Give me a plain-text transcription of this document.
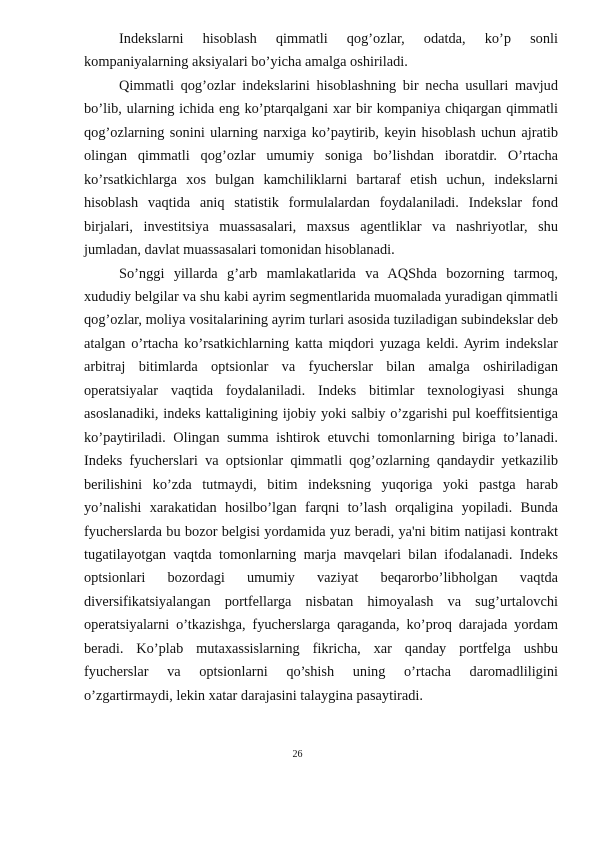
Indekslarni hisoblash qimmatli qog’ozlar, odatda, ko’p sonli kompaniyalarning aksiyalari bo’yicha amalga oshiriladi.

Qimmatli qog’ozlar indekslarini hisoblashning bir necha usullari mavjud bo’lib, ularning ichida eng ko’ptarqalgani xar bir kompaniya chiqargan qimmatli qog’ozlarning sonini ularning narxiga ko’paytirib, keyin hisoblash uchun ajratib olingan qimmatli qog’ozlar umumiy soniga bo’lishdan iboratdir. O’rtacha ko’rsatkichlarga xos bulgan kamchiliklarni bartaraf etish uchun, indekslarni hisoblash vaqtida aniq statistik formulalardan foydalaniladi. Indekslar fond birjalari, investitsiya muassasalari, maxsus agentliklar va nashriyotlar, shu jumladan, davlat muassasalari tomonidan hisoblanadi.

So’nggi yillarda g’arb mamlakatlarida va AQShda bozorning tarmoq, xududiy belgilar va shu kabi ayrim segmentlarida muomalada yuradigan qimmatli qog’ozlar, moliya vositalarining ayrim turlari asosida tuziladigan subindekslar deb atalgan o’rtacha ko’rsatkichlarning katta miqdori yuzaga keldi. Ayrim indekslar arbitraj bitimlarda optsionlar va fyucherslar bilan amalga oshiriladigan operatsiyalar vaqtida foydalaniladi. Indeks bitimlar texnologiyasi shunga asoslanadiki, indeks kattaligining ijobiy yoki salbiy o’zgarishi pul koeffitsientiga ko’paytiriladi. Olingan summa ishtirok etuvchi tomonlarning biriga to’lanadi. Indeks fyucherslari va optsionlar qimmatli qog’ozlarning qandaydir yetkazilib berilishini ko’zda tutmaydi, bitim indeksning yuqoriga yoki pastga harab yo’nalishi xarakatidan hosilbo’lgan farqni to’lash orqaligina yopiladi. Bunda fyucherslarda bu bozor belgisi yordamida yuz beradi, ya'ni bitim natijasi kontrakt tugatilayotgan vaqtda tomonlarning marja mavqelari bilan ifodalanadi. Indeks optsionlari bozordagi umumiy vaziyat beqarorbo’libholgan vaqtda diversifikatsiyalangan portfellarga nisbatan himoyalash va sug’urtalovchi operatsiyalarni o’tkazishga, fyucherslarga qaraganda, ko’proq darajada yordam beradi. Ko’plab mutaxassislarning fikricha, xar qanday portfelga ushbu fyucherslar va optsionlarni qo’shish uning o’rtacha daromadliligini o’zgartirmaydi, lekin xatar darajasini talaygina pasaytiradi.

26
